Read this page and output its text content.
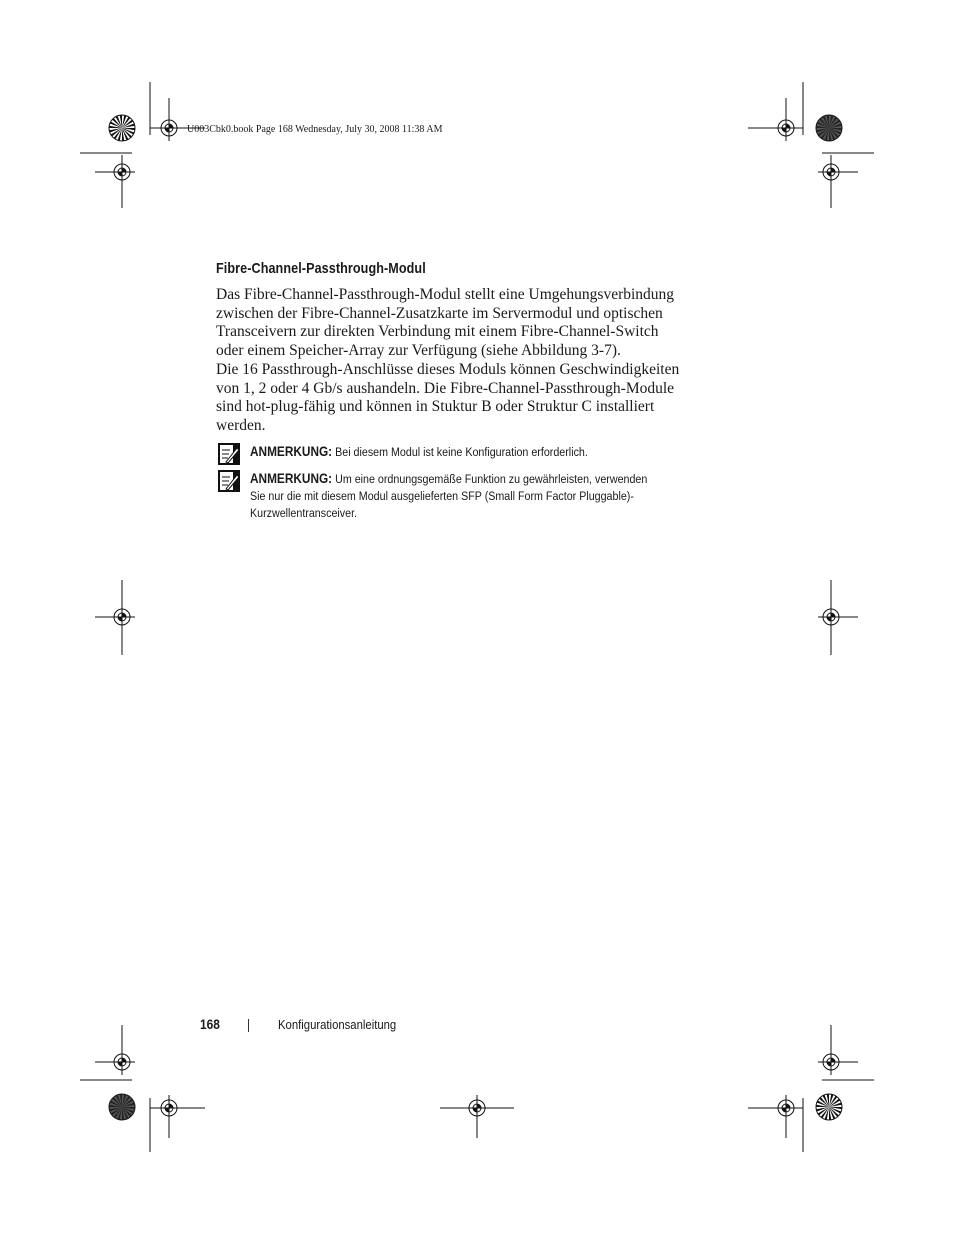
U003Cbk0.book Page 168 Wednesday, July 30, 2008 11:38 AM
Fibre-Channel-Passthrough-Modul
Das Fibre-Channel-Passthrough-Modul stellt eine Umgehungsverbindung
zwischen der Fibre-Channel-Zusatzkarte im Servermodul und optischen
Transceivern zur direkten Verbindung mit einem Fibre-Channel-Switch
oder einem Speicher-Array zur Verfügung (siehe Abbildung 3-7).
Die 16 Passthrough-Anschlüsse dieses Moduls können Geschwindigkeiten
von 1, 2 oder 4 Gb/s aushandeln. Die Fibre-Channel-Passthrough-Module
sind hot-plug-fähig und können in Stuktur B oder Struktur C installiert
werden.
ANMERKUNG: Bei diesem Modul ist keine Konfiguration erforderlich.
ANMERKUNG: Um eine ordnungsgemäße Funktion zu gewährleisten, verwenden
Sie nur die mit diesem Modul ausgelieferten SFP (Small Form Factor Pluggable)-
Kurzwellentransceiver.
168	Konfigurationsanleitung
